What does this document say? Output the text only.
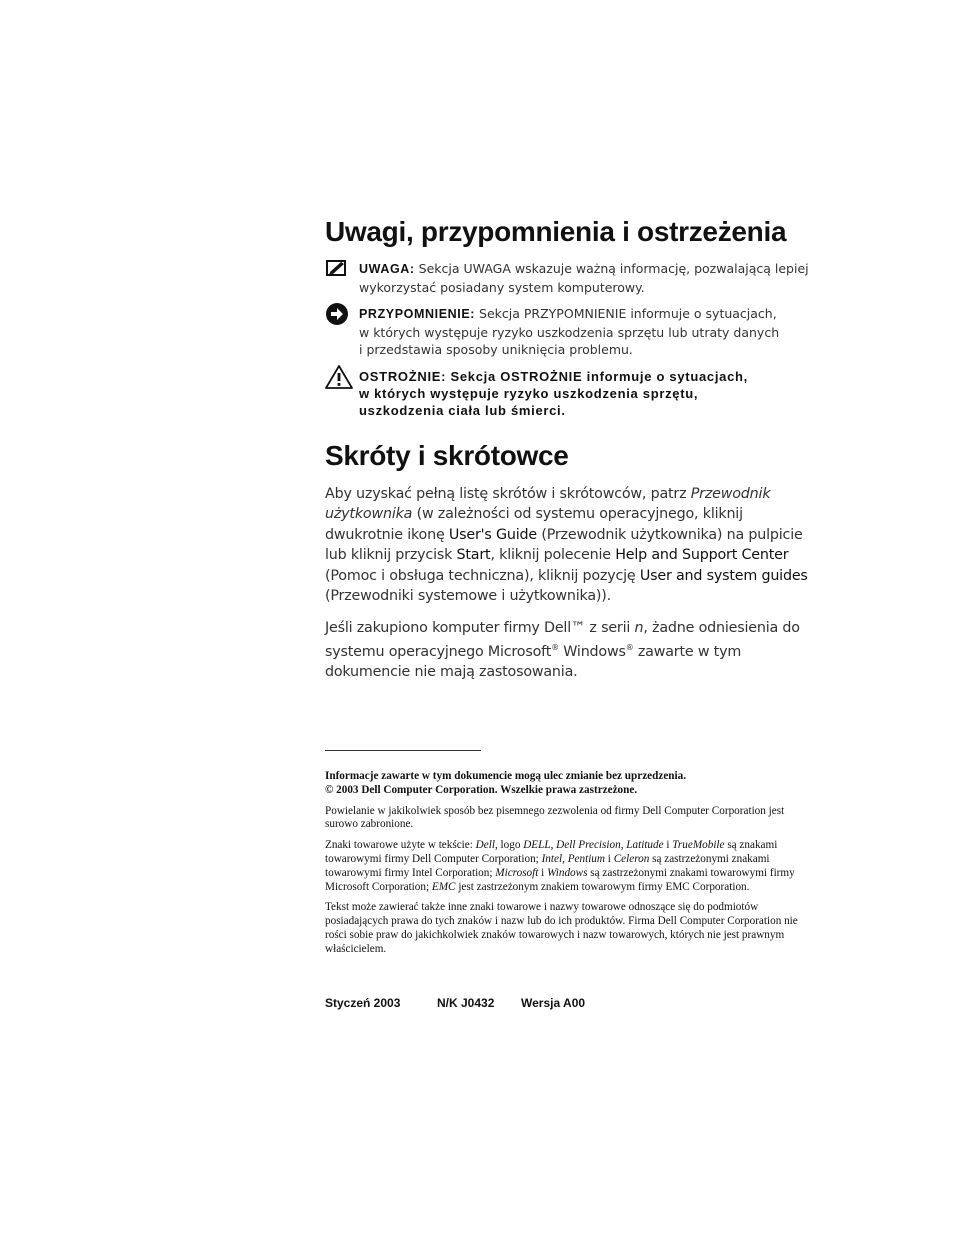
Uwagi, przypomnienia i ostrzeżenia
UWAGA: Sekcja UWAGA wskazuje ważną informację, pozwalającą lepiej wykorzystać posiadany system komputerowy.
PRZYPOMNIENIE: Sekcja PRZYPOMNIENIE informuje o sytuacjach,
w których występuje ryzyko uszkodzenia sprzętu lub utraty danych
i przedstawia sposoby uniknięcia problemu.
OSTROŻNIE: Sekcja OSTROŻNIE informuje o sytuacjach,
w których występuje ryzyko uszkodzenia sprzętu,
uszkodzenia ciała lub śmierci.
Skróty i skrótowce

Aby uzyskać pełną listę skrótów i skrótowców, patrz Przewodnik użytkownika (w zależności od systemu operacyjnego, kliknij dwukrotnie ikonę User's Guide (Przewodnik użytkownika) na pulpicie lub kliknij przycisk Start, kliknij polecenie Help and Support Center (Pomoc i obsługa techniczna), kliknij pozycję User and system guides (Przewodniki systemowe i użytkownika)).

Jeśli zakupiono komputer firmy Dell™ z serii n, żadne odniesienia do systemu operacyjnego Microsoft® Windows® zawarte w tym dokumencie nie mają zastosowania.

Informacje zawarte w tym dokumencie mogą ulec zmianie bez uprzedzenia.
© 2003 Dell Computer Corporation. Wszelkie prawa zastrzeżone.

Powielanie w jakikolwiek sposób bez pisemnego zezwolenia od firmy Dell Computer Corporation jest surowo zabronione.

Znaki towarowe użyte w tekście: Dell, logo DELL, Dell Precision, Latitude i TrueMobile są znakami towarowymi firmy Dell Computer Corporation; Intel, Pentium i Celeron są zastrzeżonymi znakami towarowymi firmy Intel Corporation; Microsoft i Windows są zastrzeżonymi znakami towarowymi firmy Microsoft Corporation; EMC jest zastrzeżonym znakiem towarowym firmy EMC Corporation.

Tekst może zawierać także inne znaki towarowe i nazwy towarowe odnoszące się do podmiotów posiadających prawa do tych znaków i nazw lub do ich produktów. Firma Dell Computer Corporation nie rości sobie praw do jakichkolwiek znaków towarowych i nazw towarowych, których nie jest prawnym właścicielem.

Styczeń 2003	N/K J0432 Wersja A00
